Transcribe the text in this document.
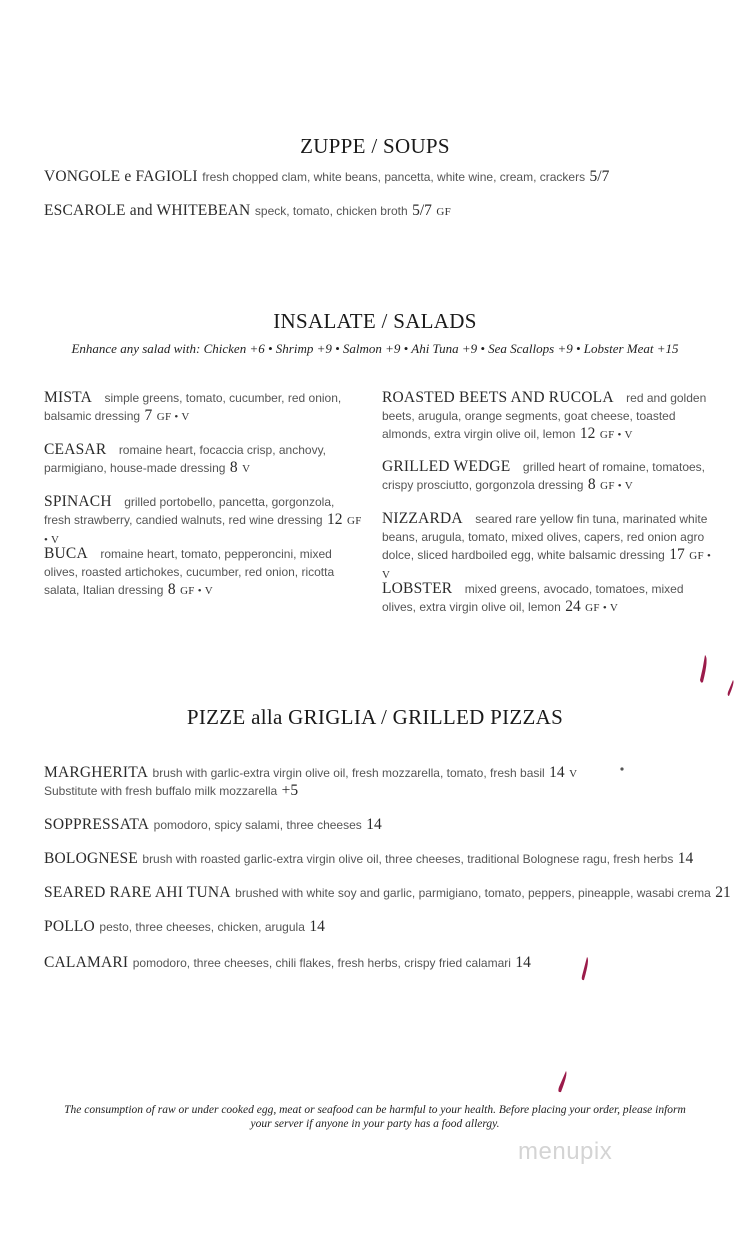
ZUPPE / SOUPS
VONGOLE e FAGIOLI fresh chopped clam, white beans, pancetta, white wine, cream, crackers 5/7
ESCAROLE and WHITEBEAN speck, tomato, chicken broth 5/7 GF
INSALATE / SALADS
Enhance any salad with: Chicken +6 • Shrimp +9 • Salmon +9 • Ahi Tuna +9 • Sea Scallops +9 • Lobster Meat +15
MISTA simple greens, tomato, cucumber, red onion, balsamic dressing 7 GF • V
CEASAR romaine heart, focaccia crisp, anchovy, parmigiano, house-made dressing 8 V
SPINACH grilled portobello, pancetta, gorgonzola, fresh strawberry, candied walnuts, red wine dressing 12 GF • V
BUCA romaine heart, tomato, pepperoncini, mixed olives, roasted artichokes, cucumber, red onion, ricotta salata, Italian dressing 8 GF • V
ROASTED BEETS AND RUCOLA red and golden beets, arugula, orange segments, goat cheese, toasted almonds, extra virgin olive oil, lemon 12 GF • V
GRILLED WEDGE grilled heart of romaine, tomatoes, crispy prosciutto, gorgonzola dressing 8 GF • V
NIZZARDA seared rare yellow fin tuna, marinated white beans, arugula, tomato, mixed olives, capers, red onion agro dolce, sliced hardboiled egg, white balsamic dressing 17 GF • V
LOBSTER mixed greens, avocado, tomatoes, mixed olives, extra virgin olive oil, lemon 24 GF • V
PIZZE alla GRIGLIA / GRILLED PIZZAS
MARGHERITA brush with garlic-extra virgin olive oil, fresh mozzarella, tomato, fresh basil 14 V
Substitute with fresh buffalo milk mozzarella +5
SOPPRESSATA pomodoro, spicy salami, three cheeses 14
BOLOGNESE brush with roasted garlic-extra virgin olive oil, three cheeses, traditional Bolognese ragu, fresh herbs 14
SEARED RARE AHI TUNA brushed with white soy and garlic, parmigiano, tomato, peppers, pineapple, wasabi crema 21
POLLO pesto, three cheeses, chicken, arugula 14
CALAMARI pomodoro, three cheeses, chili flakes, fresh herbs, crispy fried calamari 14
The consumption of raw or under cooked egg, meat or seafood can be harmful to your health. Before placing your order, please inform your server if anyone in your party has a food allergy.
menupix
